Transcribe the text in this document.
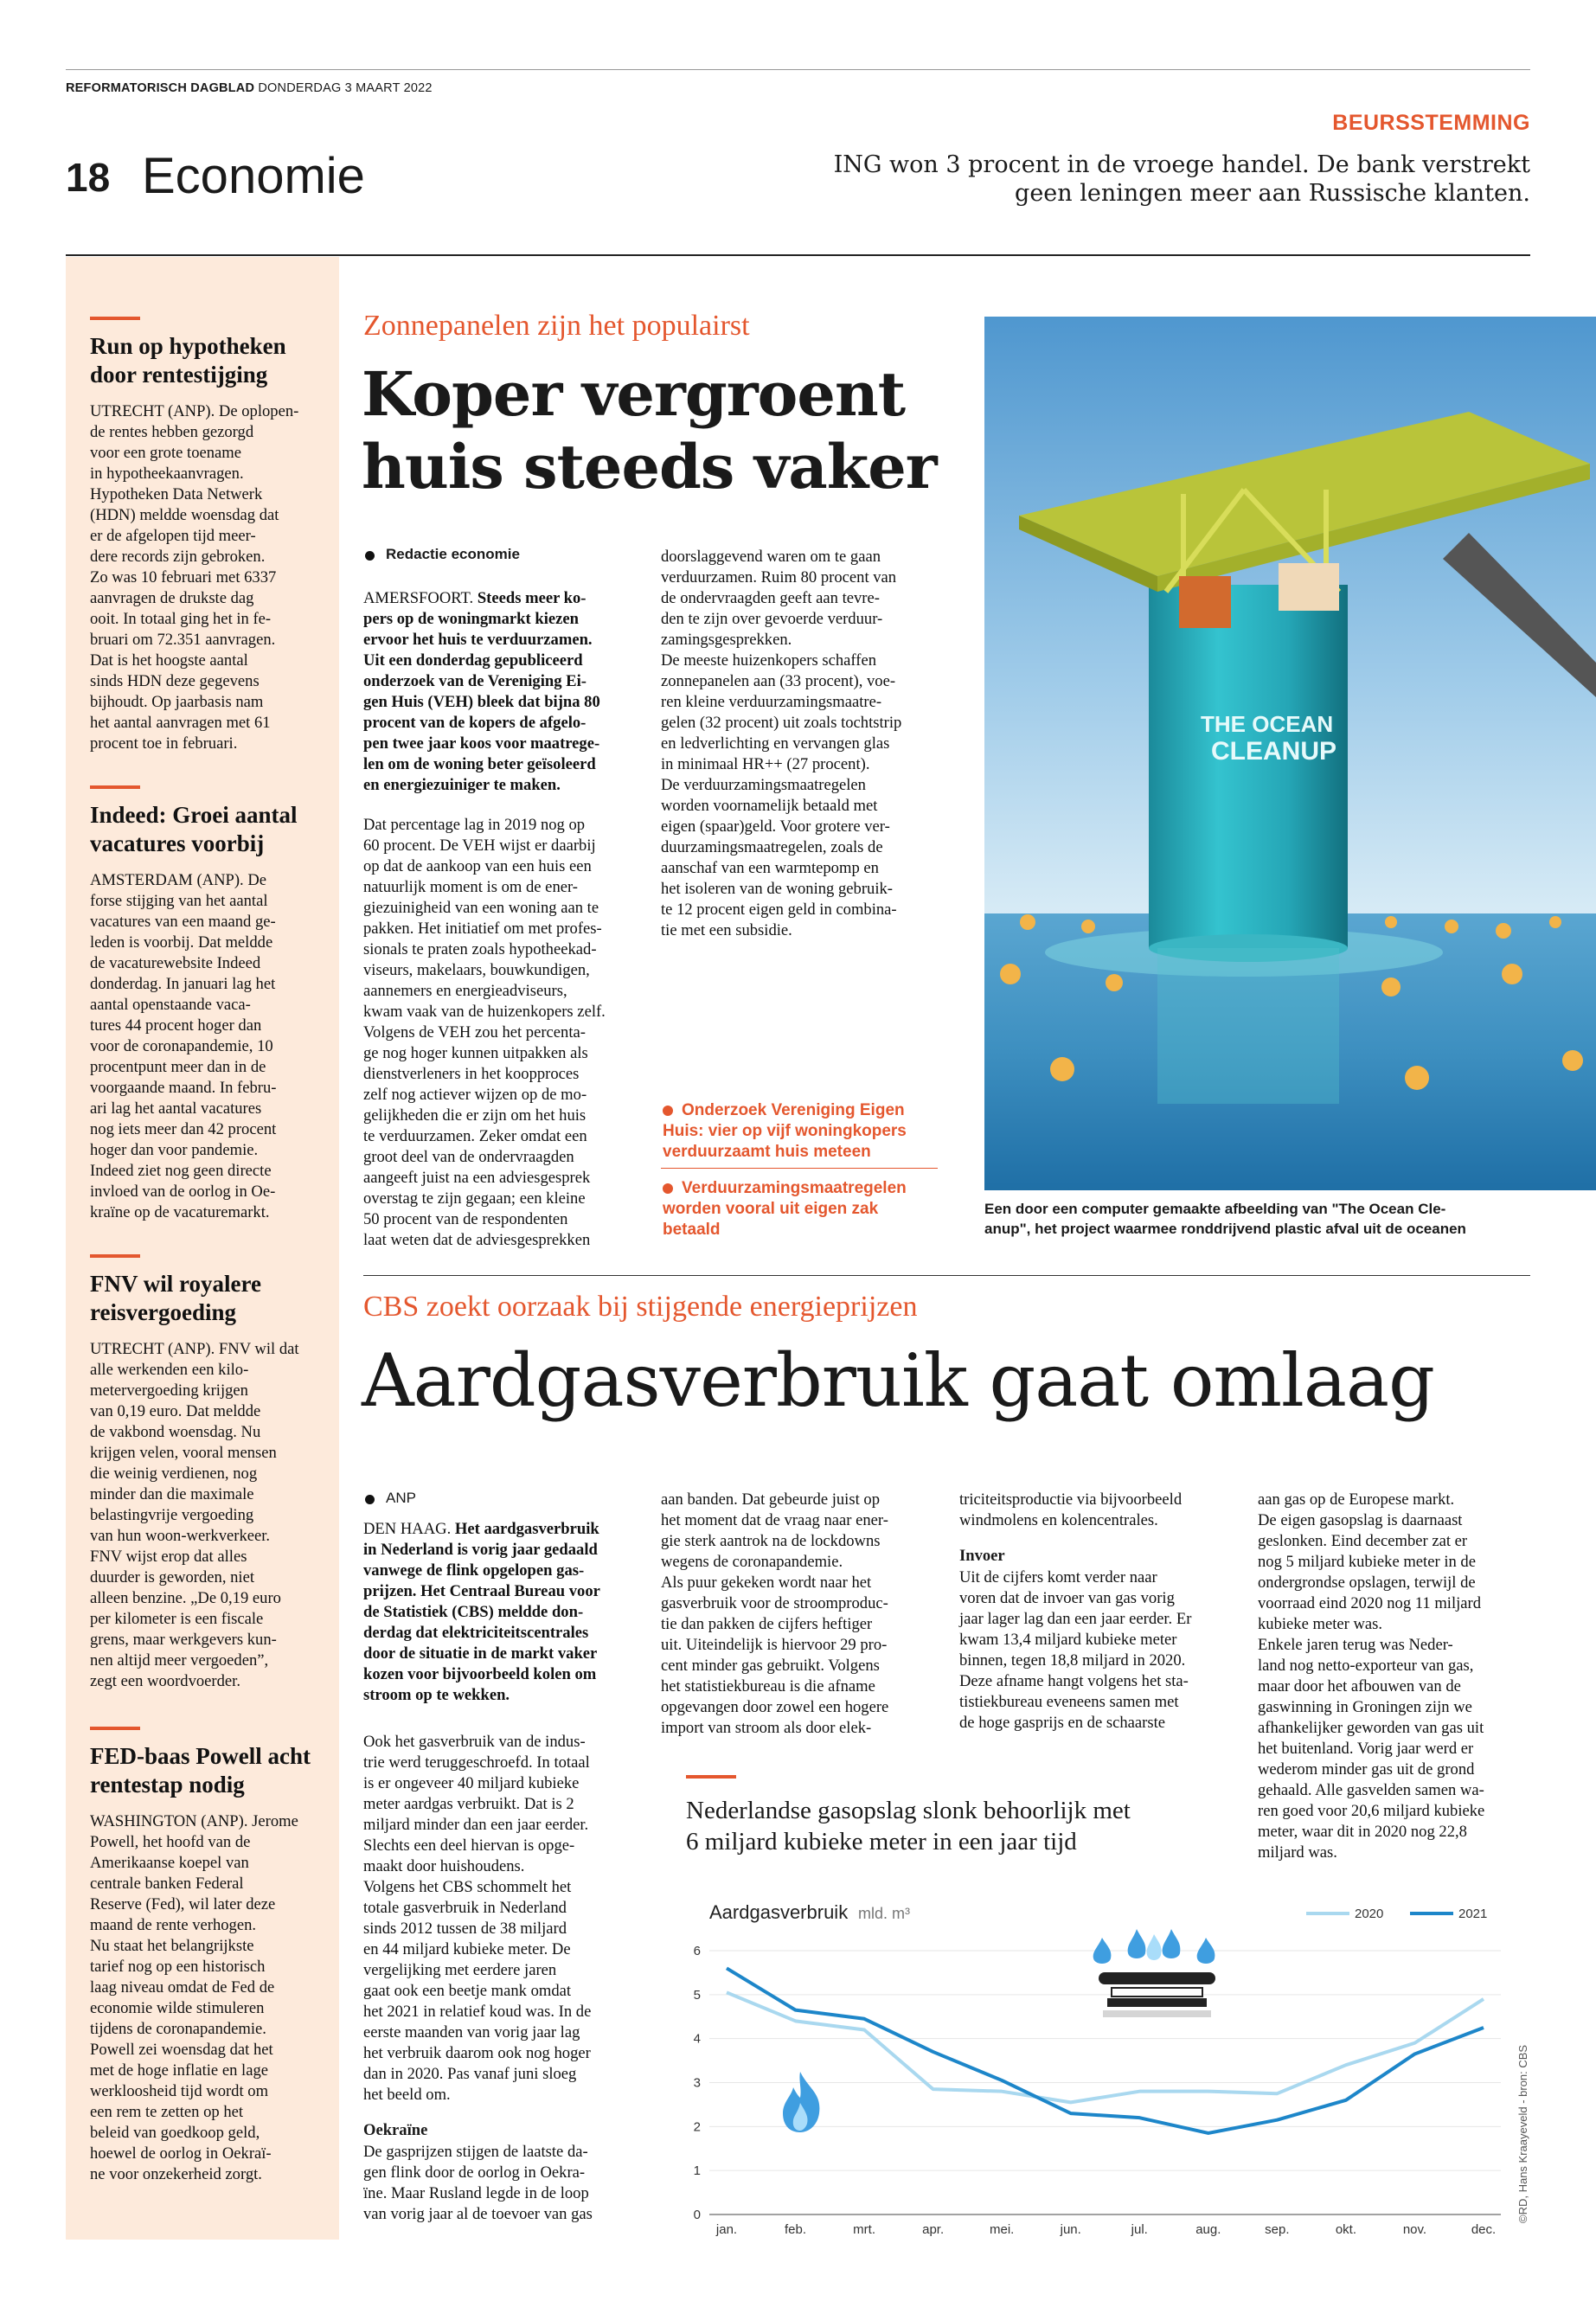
REFORMATORISCH DAGBLAD DONDERDAG 3 MAART 2022
18 Economie
BEURSSTEMMING
ING won 3 procent in de vroege handel. De bank verstrekt
geen leningen meer aan Russische klanten.
Run op hypotheken door rentestijging
UTRECHT (ANP). De oplopen-
de rentes hebben gezorgd
voor een grote toename
in hypotheekaanvragen.
Hypotheken Data Netwerk
(HDN) meldde woensdag dat
er de afgelopen tijd meer-
dere records zijn gebroken.
Zo was 10 februari met 6337
aanvragen de drukste dag
ooit. In totaal ging het in fe-
bruari om 72.351 aanvragen.
Dat is het hoogste aantal
sinds HDN deze gegevens
bijhoudt. Op jaarbasis nam
het aantal aanvragen met 61
procent toe in februari.
Indeed: Groei aantal vacatures voorbij
AMSTERDAM (ANP). De
forse stijging van het aantal
vacatures van een maand ge-
leden is voorbij. Dat meldde
de vacaturewebsite Indeed
donderdag. In januari lag het
aantal openstaande vaca-
tures 44 procent hoger dan
voor de coronapandemie, 10
procentpunt meer dan in de
voorgaande maand. In febru-
ari lag het aantal vacatures
nog iets meer dan 42 procent
hoger dan voor pandemie.
Indeed ziet nog geen directe
invloed van de oorlog in Oe-
kraïne op de vacaturemarkt.
FNV wil royalere reisvergoeding
UTRECHT (ANP). FNV wil dat
alle werkenden een kilo-
metervergoeding krijgen
van 0,19 euro. Dat meldde
de vakbond woensdag. Nu
krijgen velen, vooral mensen
die weinig verdienen, nog
minder dan die maximale
belastingvrije vergoeding
van hun woon-werkverkeer.
FNV wijst erop dat alles
duurder is geworden, niet
alleen benzine. „De 0,19 euro
per kilometer is een fiscale
grens, maar werkgevers kun-
nen altijd meer vergoeden”,
zegt een woordvoerder.
FED-baas Powell acht rentestap nodig
WASHINGTON (ANP). Jerome
Powell, het hoofd van de
Amerikaanse koepel van
centrale banken Federal
Reserve (Fed), wil later deze
maand de rente verhogen.
Nu staat het belangrijkste
tarief nog op een historisch
laag niveau omdat de Fed de
economie wilde stimuleren
tijdens de coronapandemie.
Powell zei woensdag dat het
met de hoge inflatie en lage
werkloosheid tijd wordt om
een rem te zetten op het
beleid van goedkoop geld,
hoewel de oorlog in Oekraï-
ne voor onzekerheid zorgt.
Zonnepanelen zijn het populairst
Koper vergroent
huis steeds vaker
Redactie economie
AMERSFOORT. Steeds meer ko-
pers op de woningmarkt kiezen
ervoor het huis te verduurzamen.
Uit een donderdag gepubliceerd
onderzoek van de Vereniging Ei-
gen Huis (VEH) bleek dat bijna 80
procent van de kopers de afgelo-
pen twee jaar koos voor maatrege-
len om de woning beter geïsoleerd
en energiezuiniger te maken.
Dat percentage lag in 2019 nog op
60 procent. De VEH wijst er daarbij
op dat de aankoop van een huis een
natuurlijk moment is om de ener-
giezuinigheid van een woning aan te
pakken. Het initiatief om met profes-
sionals te praten zoals hypotheekad-
viseurs, makelaars, bouwkundigen,
aannemers en energieadviseurs,
kwam vaak van de huizenkopers zelf.
Volgens de VEH zou het percenta-
ge nog hoger kunnen uitpakken als
dienstverleners in het koopproces
zelf nog actiever wijzen op de mo-
gelijkheden die er zijn om het huis
te verduurzamen. Zeker omdat een
groot deel van de ondervraagden
aangeeft juist na een adviesgesprek
overstag te zijn gegaan; een kleine
50 procent van de respondenten
laat weten dat de adviesgesprekken
doorslaggevend waren om te gaan
verduurzamen. Ruim 80 procent van
de ondervraagden geeft aan tevre-
den te zijn over gevoerde verduur-
zamingsgesprekken.
De meeste huizenkopers schaffen
zonnepanelen aan (33 procent), voe-
ren kleine verduurzamingsmaatre-
gelen (32 procent) uit zoals tochtstrip
en ledverlichting en vervangen glas
in minimaal HR++ (27 procent).
De verduurzamingsmaatregelen
worden voornamelijk betaald met
eigen (spaar)geld. Voor grotere ver-
duurzamingsmaatregelen, zoals de
aanschaf van een warmtepomp en
het isoleren van de woning gebruik-
te 12 procent eigen geld in combina-
tie met een subsidie.
Onderzoek Vereniging Eigen
Huis: vier op vijf woningkopers
verduurzaamt huis meteen
Verduurzamingsmaatregelen
worden vooral uit eigen zak
betaald
THE OCEAN
CLEANUP
Een door een computer gemaakte afbeelding van "The Ocean Cle-
anup", het project waarmee ronddrijvend plastic afval uit de oceanen
CBS zoekt oorzaak bij stijgende energieprijzen
Aardgasverbruik gaat omlaag
ANP
DEN HAAG. Het aardgasverbruik
in Nederland is vorig jaar gedaald
vanwege de flink opgelopen gas-
prijzen. Het Centraal Bureau voor
de Statistiek (CBS) meldde don-
derdag dat elektriciteitscentrales
door de situatie in de markt vaker
kozen voor bijvoorbeeld kolen om
stroom op te wekken.
Ook het gasverbruik van de indus-
trie werd teruggeschroefd. In totaal
is er ongeveer 40 miljard kubieke
meter aardgas verbruikt. Dat is 2
miljard minder dan een jaar eerder.
Slechts een deel hiervan is opge-
maakt door huishoudens.
Volgens het CBS schommelt het
totale gasverbruik in Nederland
sinds 2012 tussen de 38 miljard
en 44 miljard kubieke meter. De
vergelijking met eerdere jaren
gaat ook een beetje mank omdat
het 2021 in relatief koud was. In de
eerste maanden van vorig jaar lag
het verbruik daarom ook nog hoger
dan in 2020. Pas vanaf juni sloeg
het beeld om.
Oekraïne
De gasprijzen stijgen de laatste da-
gen flink door de oorlog in Oekra-
ïne. Maar Rusland legde in de loop
van vorig jaar al de toevoer van gas
aan banden. Dat gebeurde juist op
het moment dat de vraag naar ener-
gie sterk aantrok na de lockdowns
wegens de coronapandemie.
Als puur gekeken wordt naar het
gasverbruik voor de stroomproduc-
tie dan pakken de cijfers heftiger
uit. Uiteindelijk is hiervoor 29 pro-
cent minder gas gebruikt. Volgens
het statistiekbureau is die afname
opgevangen door zowel een hogere
import van stroom als door elek-
triciteitsproductie via bijvoorbeeld
windmolens en kolencentrales.
Invoer
Uit de cijfers komt verder naar
voren dat de invoer van gas vorig
jaar lager lag dan een jaar eerder. Er
kwam 13,4 miljard kubieke meter
binnen, tegen 18,8 miljard in 2020.
Deze afname hangt volgens het sta-
tistiekbureau eveneens samen met
de hoge gasprijs en de schaarste
aan gas op de Europese markt.
De eigen gasopslag is daarnaast
geslonken. Eind december zat er
nog 5 miljard kubieke meter in de
ondergrondse opslagen, terwijl de
voorraad eind 2020 nog 11 miljard
kubieke meter was.
Enkele jaren terug was Neder-
land nog netto-exporteur van gas,
maar door het afbouwen van de
gaswinning in Groningen zijn we
afhankelijker geworden van gas uit
het buitenland. Vorig jaar werd er
wederom minder gas uit de grond
gehaald. Alle gasvelden samen wa-
ren goed voor 20,6 miljard kubieke
meter, waar dit in 2020 nog 22,8
miljard was.
Nederlandse gasopslag slonk behoorlijk met
6 miljard kubieke meter in een jaar tijd
Aardgasverbruik mld. m³	2020	2021
0
1
2
3
4
5
6
jan.	feb.	mrt.	apr.	mei.	jun.	jul.	aug.	sep.	okt.	nov.	dec.
©RD, Hans Kraayeveld - bron: CBS
